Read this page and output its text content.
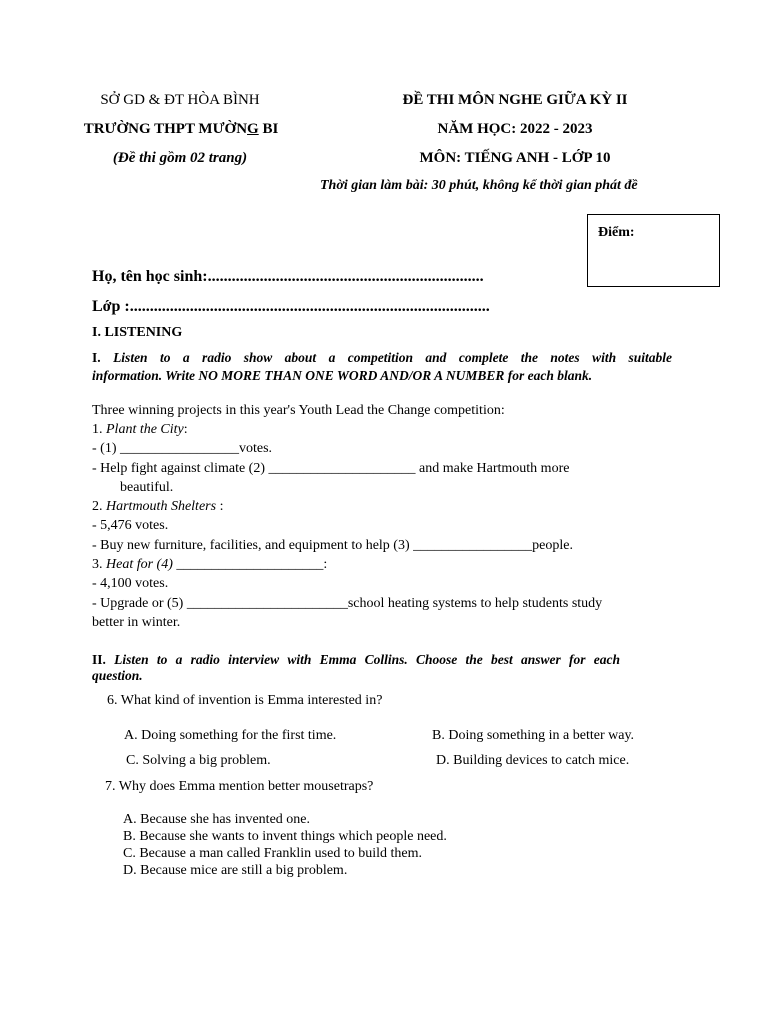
SỞ GD & ĐT HÒA BÌNH
TRƯỜNG THPT MƯỜNG BI
(Đề thi gồm 02 trang)
ĐỀ THI MÔN NGHE GIỮA KỲ II
NĂM HỌC: 2022 - 2023
MÔN: TIẾNG ANH - LỚP 10
Thời gian làm bài: 30 phút, không kể thời gian phát đề
Điểm:
Họ, tên học sinh:.....................................................................
Lớp :..........................................................................................
I. LISTENING
I. Listen to a radio show about a competition and complete the notes with suitable
information. Write NO MORE THAN ONE WORD AND/OR A NUMBER for each blank.
Three winning projects in this year's Youth Lead the Change competition:
1. Plant the City:
- (1) _________________votes.
- Help fight against climate (2) _____________________ and make Hartmouth more
beautiful.
2. Hartmouth Shelters :
- 5,476 votes.
- Buy new furniture, facilities, and equipment to help (3) _________________people.
3. Heat for (4) _____________________:
- 4,100 votes.
- Upgrade or (5) _______________________school heating systems to help students study
better in winter.
II. Listen to a radio interview with Emma Collins. Choose the best answer for each
question.
6. What kind of invention is Emma interested in?
A. Doing something for the first time.	B. Doing something in a better way.
C. Solving a big problem.	D. Building devices to catch mice.
7. Why does Emma mention better mousetraps?
A. Because she has invented one.
B. Because she wants to invent things which people need.
C. Because a man called Franklin used to build them.
D. Because mice are still a big problem.
